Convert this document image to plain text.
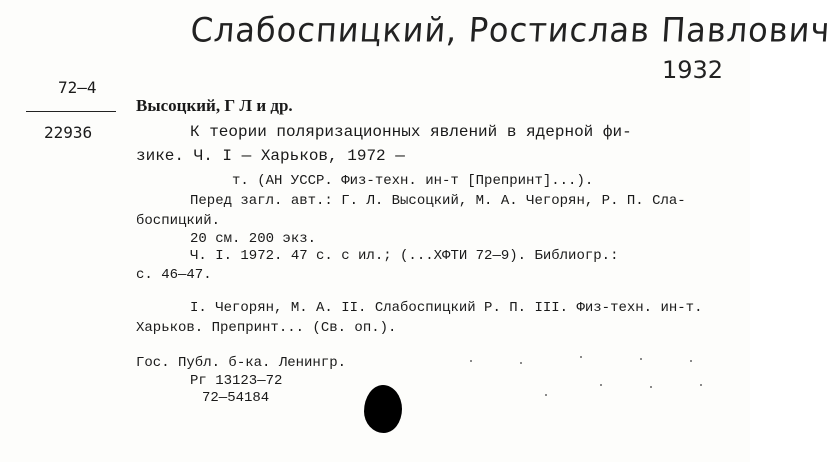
Слабоспицкий, Ростислав Павлович
1932
72—4
22936
Высоцкий, Г Л и др.
К теории поляризационных явлений в ядерной фи-
зике. Ч. I — Харьков, 1972 —
т. (АН УССР. Физ-техн. ин-т [Препринт]...).
Перед загл. авт.: Г. Л. Высоцкий, М. А. Чегорян, Р. П. Сла-
боспицкий.
20 см. 200 экз.
Ч. I. 1972. 47 с. с ил.; (...ХФТИ 72—9). Библиогр.:
с. 46—47.
I. Чегорян, М. А. II. Слабоспицкий Р. П. III. Физ-техн. ин-т.
Харьков. Препринт... (Св. оп.).
Гос. Публ. б-ка. Ленингр.
Рг 13123—72
72—54184
